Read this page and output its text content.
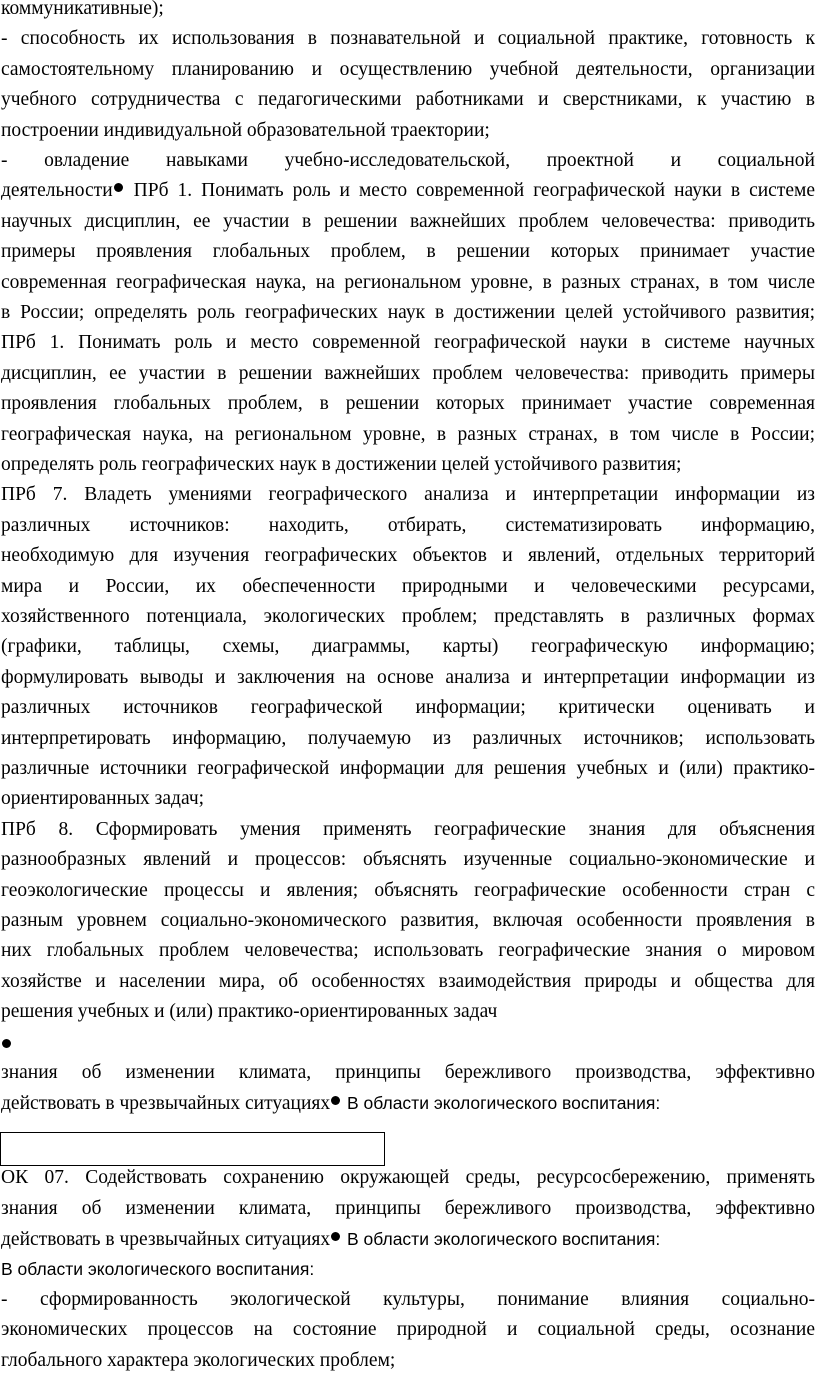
коммуникативные);
- способность их использования в познавательной и социальной практике, готовность к
самостоятельному планированию и осуществлению учебной деятельности, организации
учебного сотрудничества с педагогическими работниками и сверстниками, к участию в
построении индивидуальной образовательной траектории;
- овладение навыками учебно-исследовательской, проектной и социальной
деятельности ПРб 1. Понимать роль и место современной географической науки в системе
научных дисциплин, ее участии в решении важнейших проблем человечества: приводить
примеры проявления глобальных проблем, в решении которых принимает участие
современная географическая наука, на региональном уровне, в разных странах, в том числе
в России; определять роль географических наук в достижении целей устойчивого развития;
ПРб 1. Понимать роль и место современной географической науки в системе научных
дисциплин, ее участии в решении важнейших проблем человечества: приводить примеры
проявления глобальных проблем, в решении которых принимает участие современная
географическая наука, на региональном уровне, в разных странах, в том числе в России;
определять роль географических наук в достижении целей устойчивого развития;
ПРб 7. Владеть умениями географического анализа и интерпретации информации из
различных источников: находить, отбирать, систематизировать информацию,
необходимую для изучения географических объектов и явлений, отдельных территорий
мира и России, их обеспеченности природными и человеческими ресурсами,
хозяйственного потенциала, экологических проблем; представлять в различных формах
(графики, таблицы, схемы, диаграммы, карты) географическую информацию;
формулировать выводы и заключения на основе анализа и интерпретации информации из
различных источников географической информации; критически оценивать и
интерпретировать информацию, получаемую из различных источников; использовать
различные источники географической информации для решения учебных и (или) практико-
ориентированных задач;
ПРб 8. Сформировать умения применять географические знания для объяснения
разнообразных явлений и процессов: объяснять изученные социально-экономические и
геоэкологические процессы и явления; объяснять географические особенности стран с
разным уровнем социально-экономического развития, включая особенности проявления в
них глобальных проблем человечества; использовать географические знания о мировом
хозяйстве и населении мира, об особенностях взаимодействия природы и общества для
решения учебных и (или) практико-ориентированных задач
знания об изменении климата, принципы бережливого производства, эффективно
действовать в чрезвычайных ситуациях В области экологического воспитания:
ОК 07. Содействовать сохранению окружающей среды, ресурсосбережению, применять
знания об изменении климата, принципы бережливого производства, эффективно
действовать в чрезвычайных ситуациях В области экологического воспитания:
В области экологического воспитания:
- сформированность экологической культуры, понимание влияния социально-
экономических процессов на состояние природной и социальной среды, осознание
глобального характера экологических проблем;
